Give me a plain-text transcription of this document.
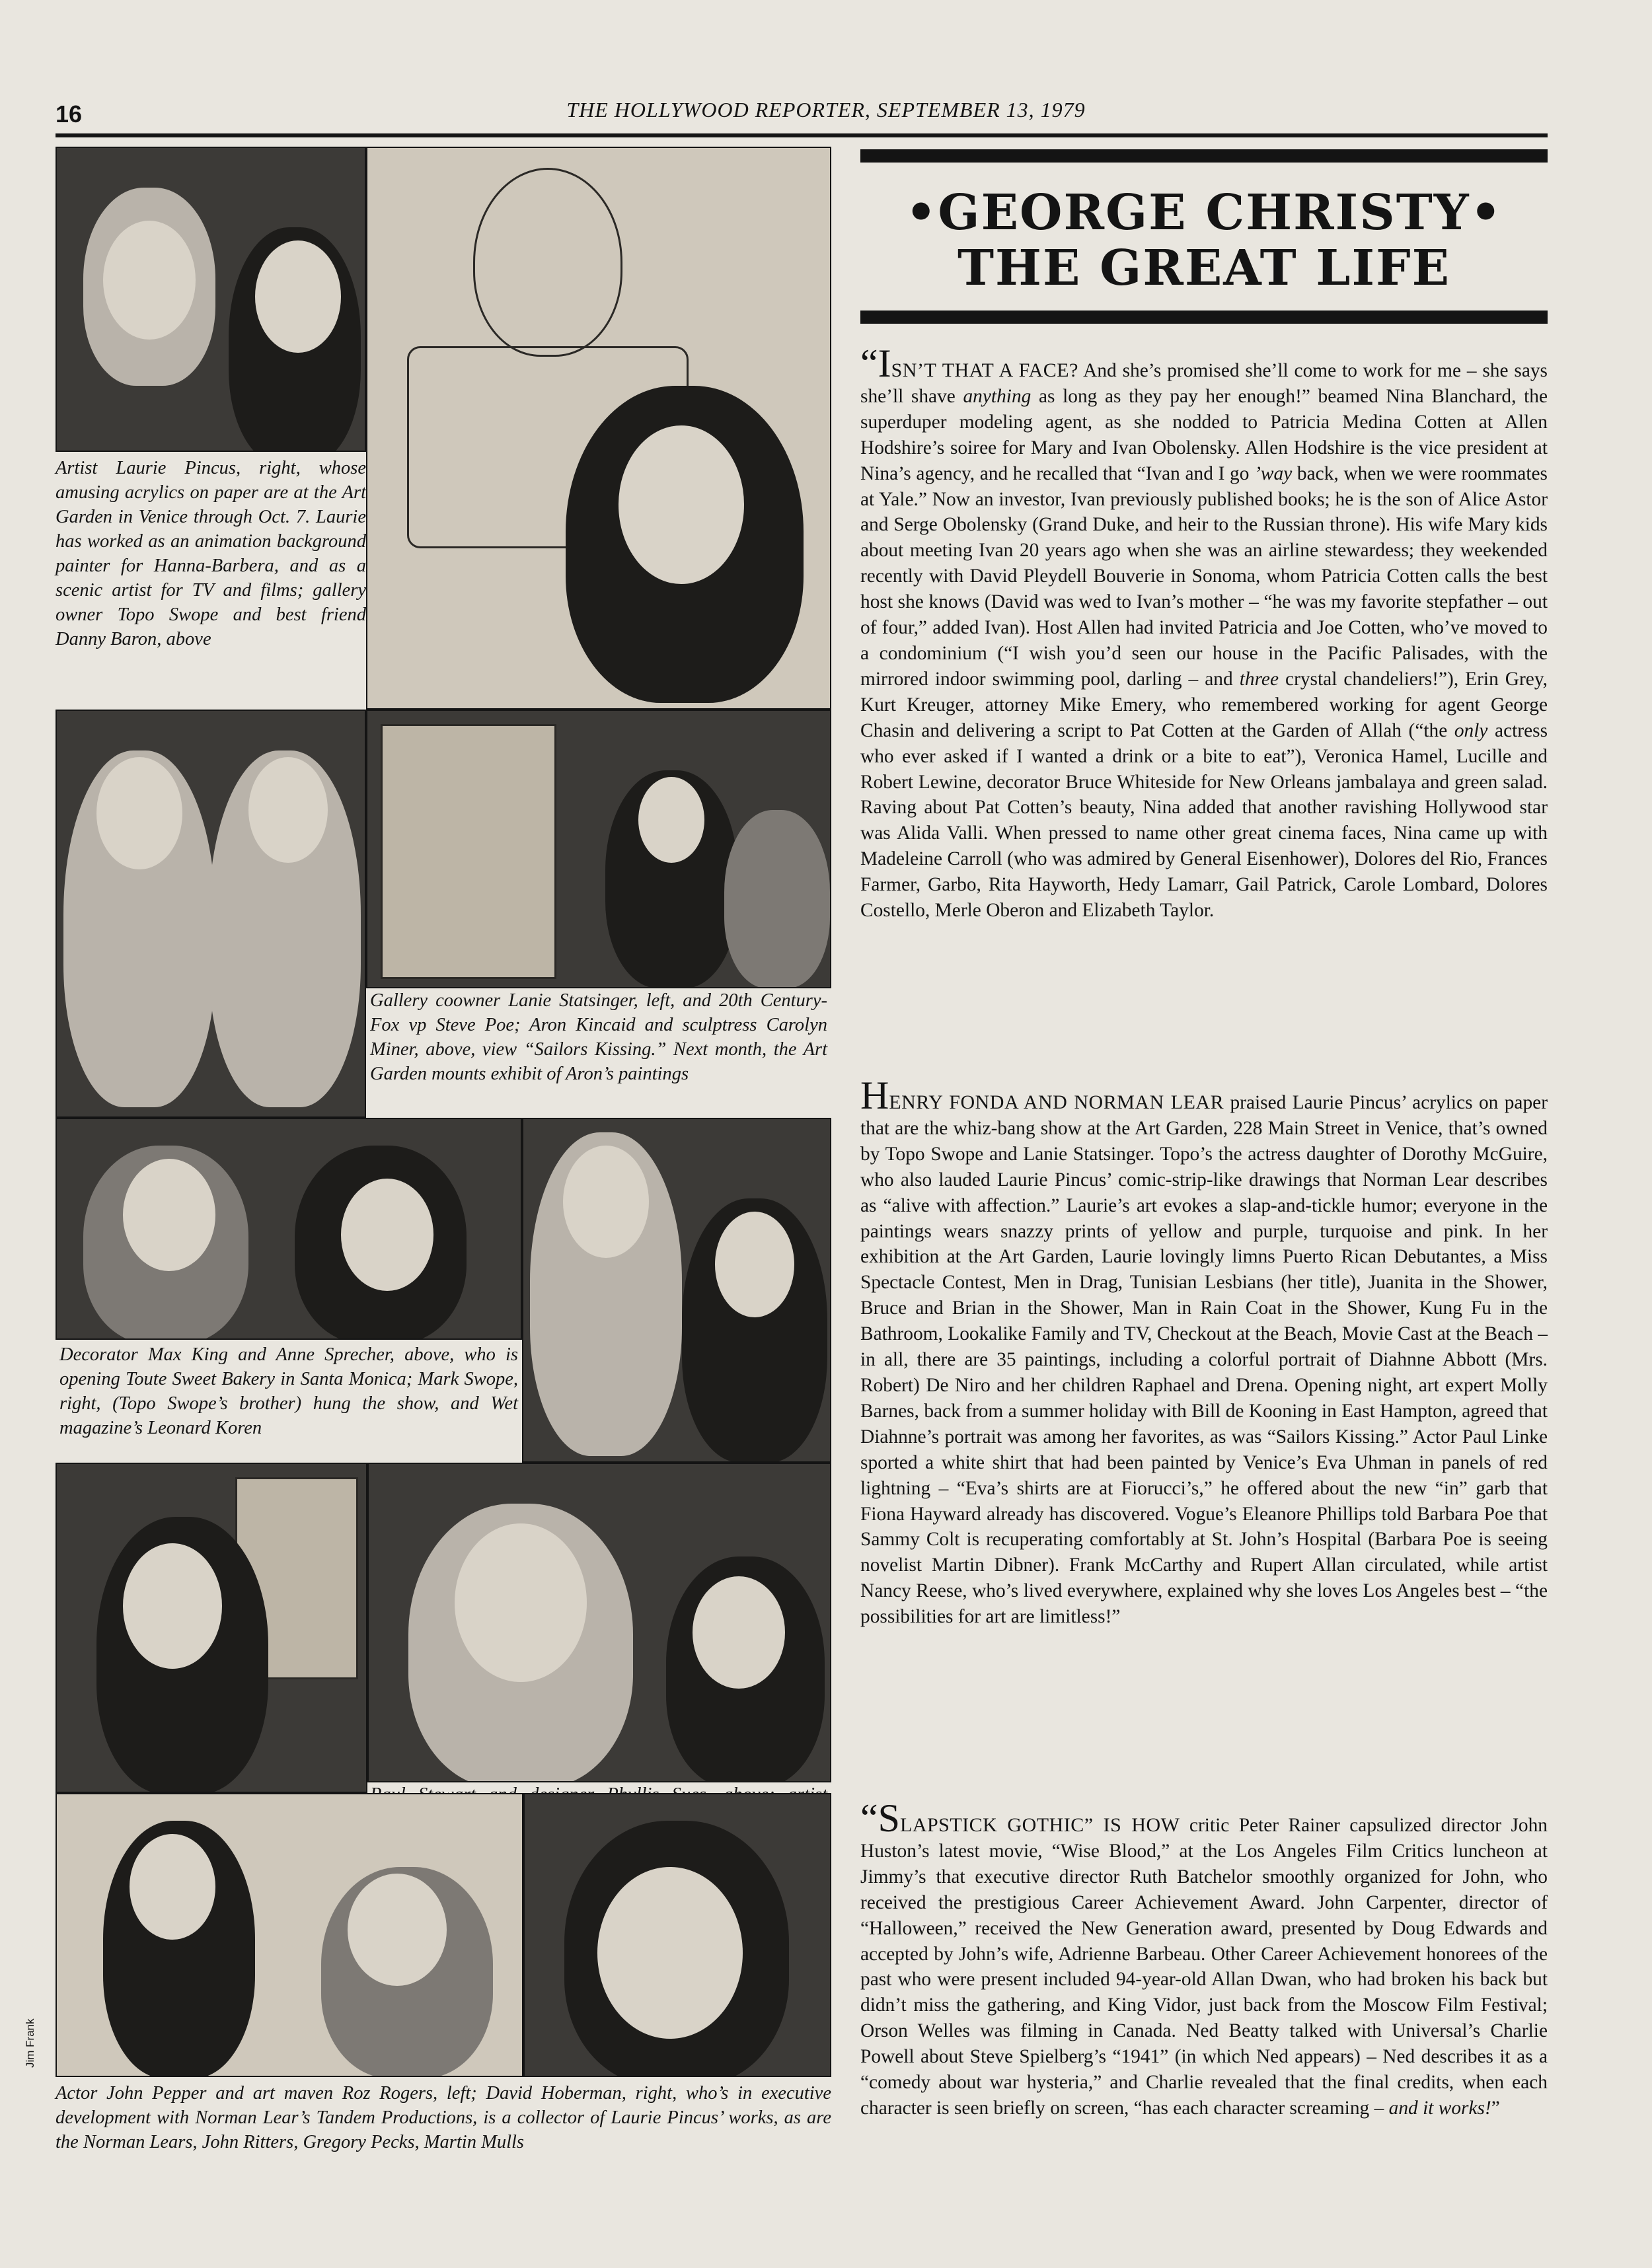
16	THE HOLLYWOOD REPORTER, SEPTEMBER 13, 1979
Artist Laurie Pincus, right, whose amusing acrylics on paper are at the Art Garden in Venice through Oct. 7. Laurie has worked as an animation background painter for Hanna-Barbera, and as a scenic artist for TV and films; gallery owner Topo Swope and best friend Danny Baron, above
Gallery coowner Lanie Statsinger, left, and 20th Century-Fox vp Steve Poe; Aron Kincaid and sculptress Carolyn Miner, above, view “Sailors Kissing.” Next month, the Art Garden mounts exhibit of Aron’s paintings
Decorator Max King and Anne Sprecher, above, who is opening Toute Sweet Bakery in Santa Monica; Mark Swope, right, (Topo Swope’s brother) hung the show, and Wet magazine’s Leonard Koren
Actor John Pepper and art maven Roz Rogers, left; David Hoberman, right, who’s in executive development with Norman Lear’s Tandem Productions, is a collector of Laurie Pincus’ works, as are the Norman Lears, John Ritters, Gregory Pecks, Martin Mulls
Jim Frank
•GEORGE CHRISTY•
THE GREAT LIFE
“ISN’T THAT A FACE? And she’s promised she’ll come to work for me – she says she’ll shave anything as long as they pay her enough!” beamed Nina Blanchard, the superduper modeling agent, as she nodded to Patricia Medina Cotten at Allen Hodshire’s soiree for Mary and Ivan Obolensky. Allen Hodshire is the vice president at Nina’s agency, and he recalled that “Ivan and I go ’way back, when we were roommates at Yale.” Now an investor, Ivan previously published books; he is the son of Alice Astor and Serge Obolensky (Grand Duke, and heir to the Russian throne). His wife Mary kids about meeting Ivan 20 years ago when she was an airline stewardess; they weekended recently with David Pleydell Bouverie in Sonoma, whom Patricia Cotten calls the best host she knows (David was wed to Ivan’s mother – “he was my favorite stepfather – out of four,” added Ivan). Host Allen had invited Patricia and Joe Cotten, who’ve moved to a condominium (“I wish you’d seen our house in the Pacific Palisades, with the mirrored indoor swimming pool, darling – and three crystal chandeliers!”), Erin Grey, Kurt Kreuger, attorney Mike Emery, who remembered working for agent George Chasin and delivering a script to Pat Cotten at the Garden of Allah (“the only actress who ever asked if I wanted a drink or a bite to eat”), Veronica Hamel, Lucille and Robert Lewine, decorator Bruce Whiteside for New Orleans jambalaya and green salad. Raving about Pat Cotten’s beauty, Nina added that another ravishing Hollywood star was Alida Valli. When pressed to name other great cinema faces, Nina came up with Madeleine Carroll (who was admired by General Eisenhower), Dolores del Rio, Frances Farmer, Garbo, Rita Hayworth, Hedy Lamarr, Gail Patrick, Carole Lombard, Dolores Costello, Merle Oberon and Elizabeth Taylor.
HENRY FONDA AND NORMAN LEAR praised Laurie Pincus’ acrylics on paper that are the whiz-bang show at the Art Garden, 228 Main Street in Venice, that’s owned by Topo Swope and Lanie Statsinger. Topo’s the actress daughter of Dorothy McGuire, who also lauded Laurie Pincus’ comic-strip-like drawings that Norman Lear describes as “alive with affection.” Laurie’s art evokes a slap-and-tickle humor; everyone in the paintings wears snazzy prints of yellow and purple, turquoise and pink. In her exhibition at the Art Garden, Laurie lovingly limns Puerto Rican Debutantes, a Miss Spectacle Contest, Men in Drag, Tunisian Lesbians (her title), Juanita in the Shower, Bruce and Brian in the Shower, Man in Rain Coat in the Shower, Kung Fu in the Bathroom, Lookalike Family and TV, Checkout at the Beach, Movie Cast at the Beach – in all, there are 35 paintings, including a colorful portrait of Diahnne Abbott (Mrs. Robert) De Niro and her children Raphael and Drena. Opening night, art expert Molly Barnes, back from a summer holiday with Bill de Kooning in East Hampton, agreed that Diahnne’s portrait was among her favorites, as was “Sailors Kissing.” Actor Paul Linke sported a white shirt that had been painted by Venice’s Eva Uhman in panels of red lightning – “Eva’s shirts are at Fiorucci’s,” he offered about the new “in” garb that Fiona Hayward already has discovered. Vogue’s Eleanore Phillips told Barbara Poe that Sammy Colt is recuperating comfortably at St. John’s Hospital (Barbara Poe is seeing novelist Martin Dibner). Frank McCarthy and Rupert Allan circulated, while artist Nancy Reese, who’s lived everywhere, explained why she loves Los Angeles best – “the possibilities for art are limitless!”
“SLAPSTICK GOTHIC” IS HOW critic Peter Rainer capsulized director John Huston’s latest movie, “Wise Blood,” at the Los Angeles Film Critics luncheon at Jimmy’s that executive director Ruth Batchelor smoothly organized for John, who received the prestigious Career Achievement Award. John Carpenter, director of “Halloween,” received the New Generation award, presented by Doug Edwards and accepted by John’s wife, Adrienne Barbeau. Other Career Achievement honorees of the past who were present included 94-year-old Allan Dwan, who had broken his back but didn’t miss the gathering, and King Vidor, just back from the Moscow Film Festival; Orson Welles was filming in Canada. Ned Beatty talked with Universal’s Charlie Powell about Steve Spielberg’s “1941” (in which Ned appears) – Ned describes it as a “comedy about war hysteria,” and Charlie revealed that the final credits, when each character is seen briefly on screen, “has each character screaming – and it works!”
